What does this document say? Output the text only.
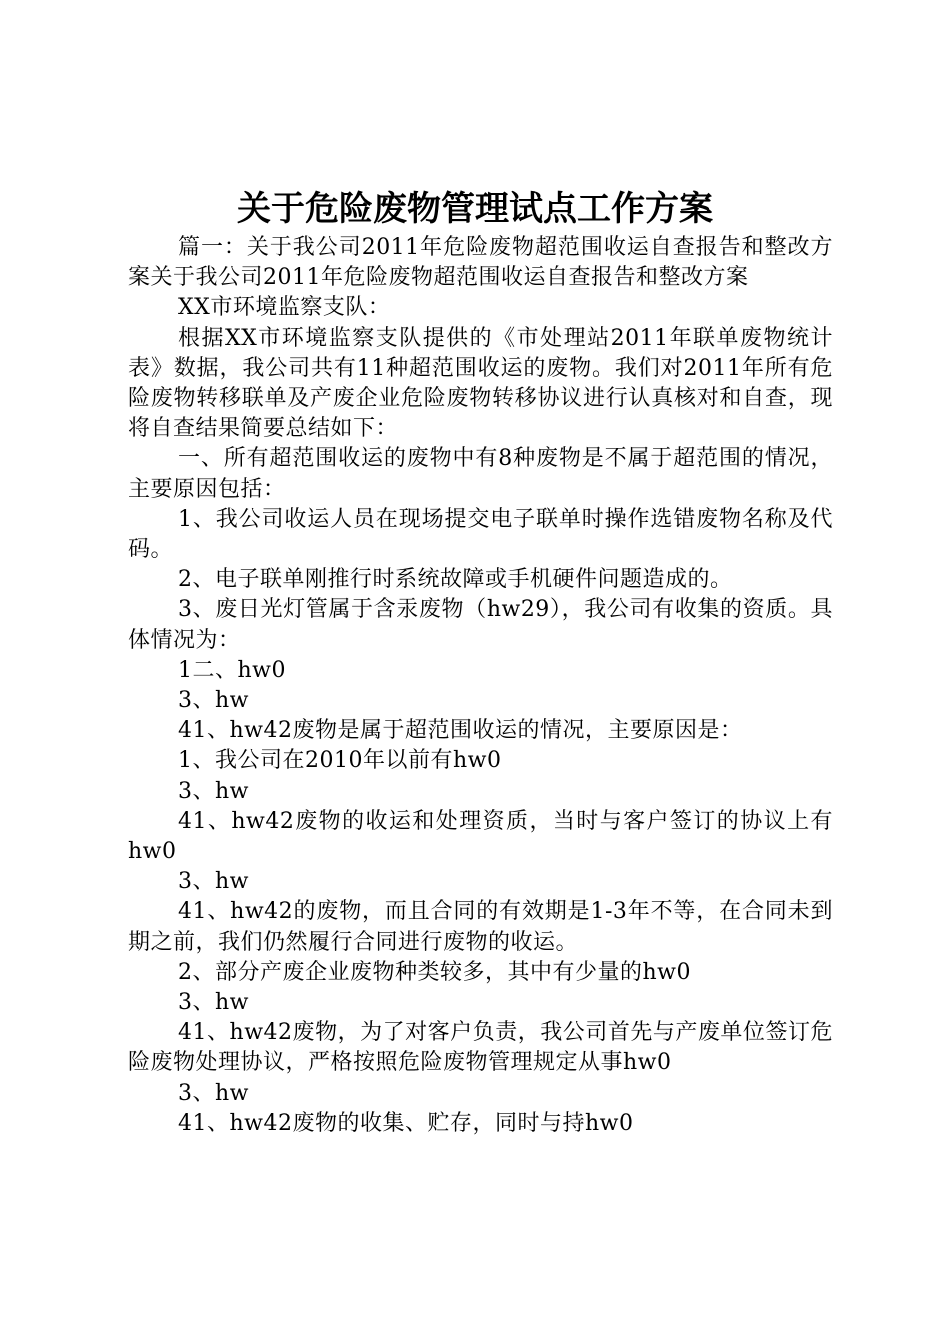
关于危险废物管理试点工作方案

篇一：关于我公司2011年危险废物超范围收运自查报告和整改方案关于我公司2011年危险废物超范围收运自查报告和整改方案

XX市环境监察支队：

根据XX市环境监察支队提供的《市处理站2011年联单废物统计表》数据，我公司共有11种超范围收运的废物。我们对2011年所有危险废物转移联单及产废企业危险废物转移协议进行认真核对和自查，现将自查结果简要总结如下：

一、所有超范围收运的废物中有8种废物是不属于超范围的情况，主要原因包括：

1、我公司收运人员在现场提交电子联单时操作选错废物名称及代码。

2、电子联单刚推行时系统故障或手机硬件问题造成的。

3、废日光灯管属于含汞废物（hw29），我公司有收集的资质。具体情况为：

1二、hw0

3、hw

41、hw42废物是属于超范围收运的情况，主要原因是：

1、我公司在2010年以前有hw0

3、hw

41、hw42废物的收运和处理资质，当时与客户签订的协议上有hw0

3、hw

41、hw42的废物，而且合同的有效期是1-3年不等，在合同未到期之前，我们仍然履行合同进行废物的收运。

2、部分产废企业废物种类较多，其中有少量的hw0

3、hw

41、hw42废物，为了对客户负责，我公司首先与产废单位签订危险废物处理协议，严格按照危险废物管理规定从事hw0

3、hw

41、hw42废物的收集、贮存，同时与持hw0
